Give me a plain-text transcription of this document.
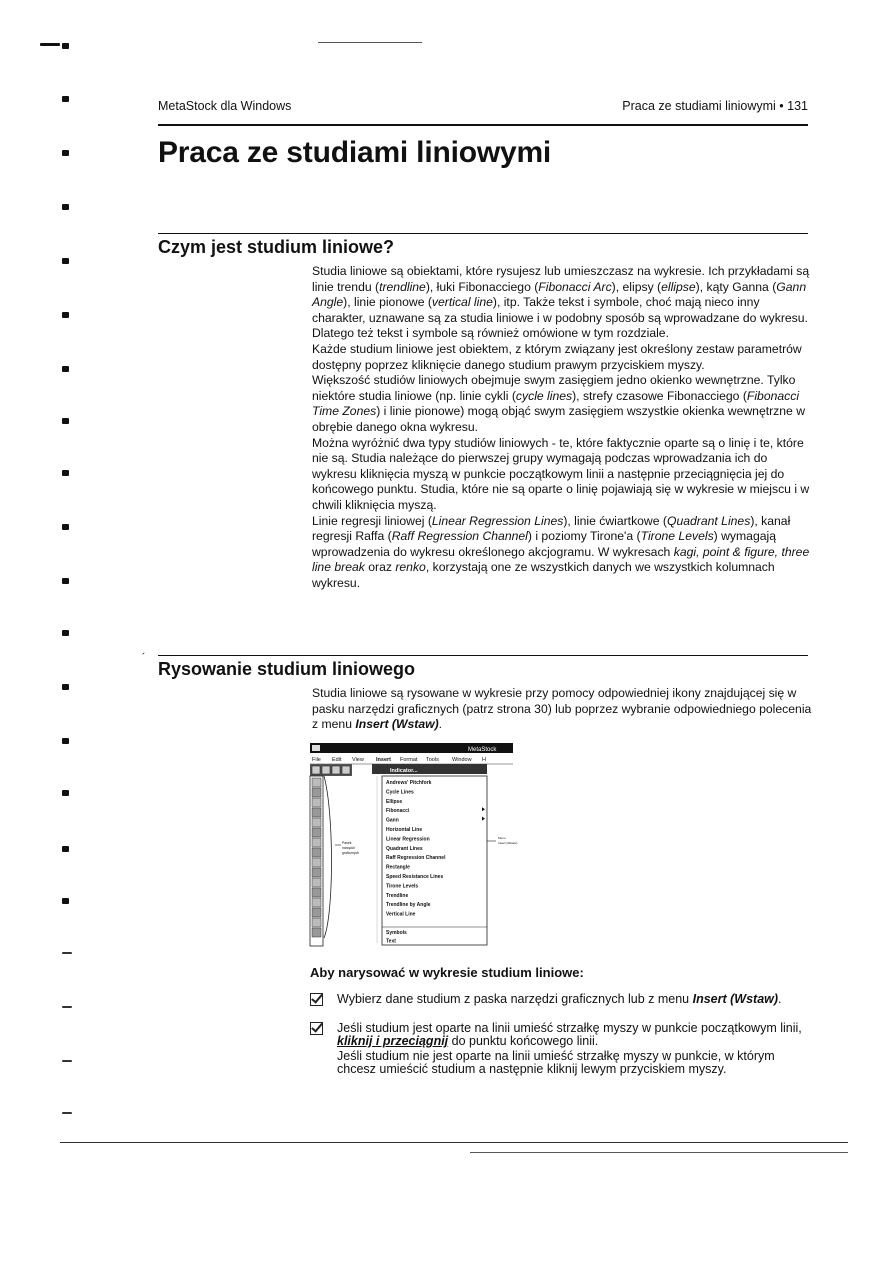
MetaStock dla Windows	Praca ze studiami liniowymi • 131
Praca ze studiami liniowymi
Czym jest studium liniowe?

Studia liniowe są obiektami, które rysujesz lub umieszczasz na wykresie. Ich przykładami są linie trendu (trendline), łuki Fibonacciego (Fibonacci Arc), elipsy (ellipse), kąty Ganna (Gann Angle), linie pionowe (vertical line), itp. Także tekst i symbole, choć mają nieco inny charakter, uznawane są za studia liniowe i w podobny sposób są wprowadzane do wykresu. Dlatego też tekst i symbole są również omówione w tym rozdziale.

Każde studium liniowe jest obiektem, z którym związany jest określony zestaw parametrów dostępny poprzez kliknięcie danego studium prawym przyciskiem myszy.

Większość studiów liniowych obejmuje swym zasięgiem jedno okienko wewnętrzne. Tylko niektóre studia liniowe (np. linie cykli (cycle lines), strefy czasowe Fibonacciego (Fibonacci Time Zones) i linie pionowe) mogą objąć swym zasięgiem wszystkie okienka wewnętrzne w obrębie danego okna wykresu.

Można wyróżnić dwa typy studiów liniowych - te, które faktycznie oparte są o linię i te, które nie są. Studia należące do pierwszej grupy wymagają podczas wprowadzania ich do wykresu kliknięcia myszą w punkcie początkowym linii a następnie przeciągnięcia jej do końcowego punktu. Studia, które nie są oparte o linię pojawiają się w wykresie w miejscu i w chwili kliknięcia myszą.

Linie regresji liniowej (Linear Regression Lines), linie ćwiartkowe (Quadrant Lines), kanał regresji Raffa (Raff Regression Channel) i poziomy Tirone'a (Tirone Levels) wymagają wprowadzenia do wykresu określonego akcjogramu. W wykresach kagi, point & figure, three line break oraz renko, korzystają one ze wszystkich danych we wszystkich kolumnach wykresu.

´
Rysowanie studium liniowego

Studia liniowe są rysowane w wykresie przy pomocy odpowiedniej ikony znajdującej się w pasku narzędzi graficznych (patrz strona 30) lub poprzez wybranie odpowiedniego polecenia z menu Insert (Wstaw).

MetaStock
File Edit View Insert Format Tools Window H
Indicator...
Pasek
narzędzi
graficznych
Andrews' Pitchfork
Cycle Lines
Ellipse
Fibonacci
Gann
Horizontal Line
Linear Regression
Quadrant Lines
Raff Regression Channel
Rectangle
Speed Resistance Lines
Tirone Levels
Trendline
Trendline by Angle
Vertical Line
Symbols
Text
Menu
Insert (Wstaw)
Aby narysować w wykresie studium liniowe:
Wybierz dane studium z paska narzędzi graficznych lub z menu Insert (Wstaw).
Jeśli studium jest oparte na linii umieść strzałkę myszy w punkcie początkowym linii, kliknij i przeciągnij do punktu końcowego linii.
Jeśli studium nie jest oparte na linii umieść strzałkę myszy w punkcie, w którym chcesz umieścić studium a następnie kliknij lewym przyciskiem myszy.
